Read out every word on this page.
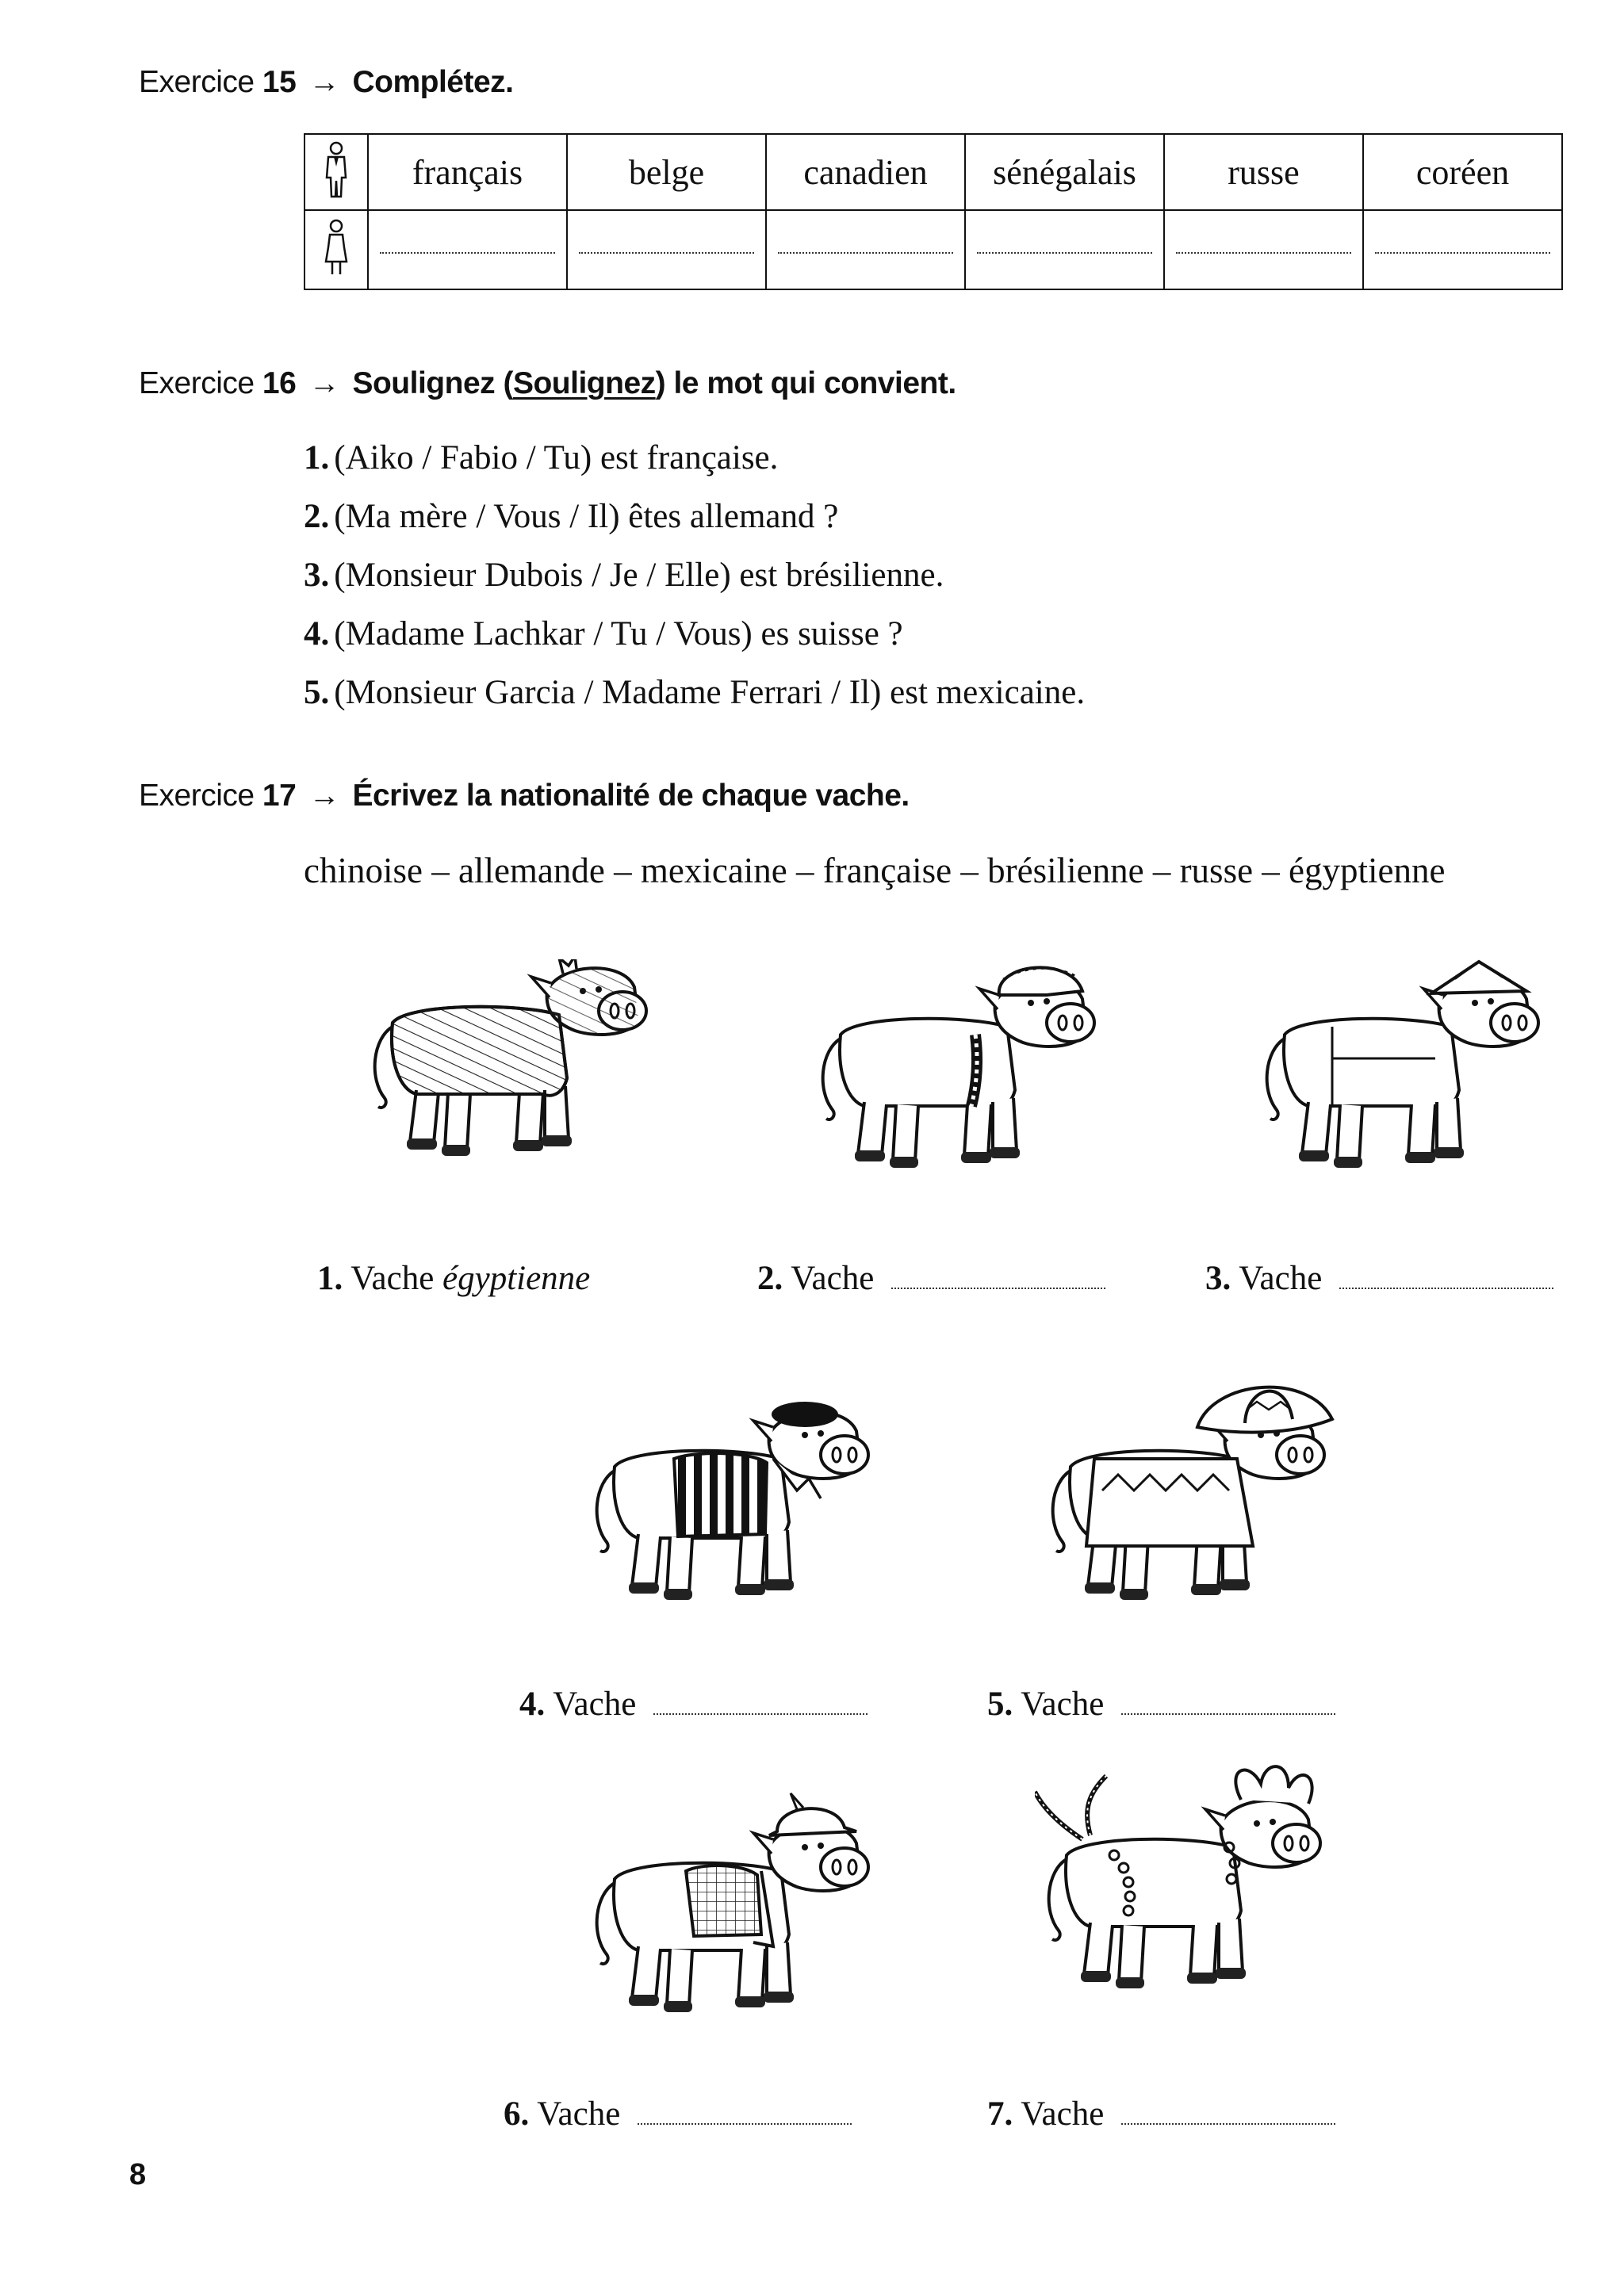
Exercice 15 → Complétez.
	français	belge	canadien	sénégalais	russe	coréen

Exercice 16 → Soulignez (Soulignez) le mot qui convient.
1. (Aiko / Fabio / Tu) est française.
2. (Ma mère / Vous / Il) êtes allemand ?
3. (Monsieur Dubois / Je / Elle) est brésilienne.
4. (Madame Lachkar / Tu / Vous) es suisse ?
5. (Monsieur Garcia / Madame Ferrari / Il) est mexicaine.
Exercice 17 → Écrivez la nationalité de chaque vache.
chinoise – allemande – mexicaine – française – brésilienne – russe – égyptienne
1. Vache égyptienne	2. Vache	3. Vache
4. Vache	5. Vache
6. Vache	7. Vache
8
